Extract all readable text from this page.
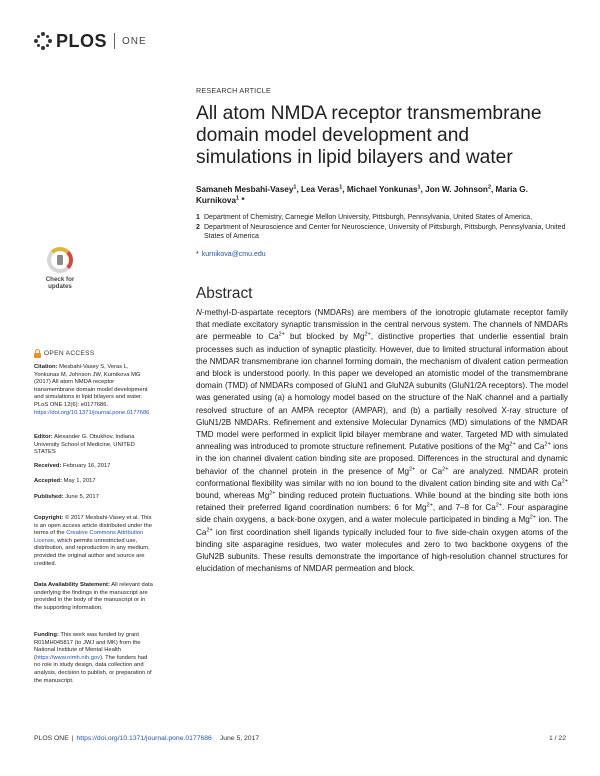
PLOS ONE
Check for
updates
OPEN ACCESS
Citation: Mesbahi-Vasey S, Veras L, Yonkunas M, Johnson JW, Kurnikova MG (2017) All atom NMDA receptor transmembrane domain model development and simulations in lipid bilayers and water. PLoS ONE 12(6): e0177686. https://doi.org/10.1371/journal.pone.0177686
Editor: Alexander G. Obukhov, Indiana University School of Medicine, UNITED STATES
Received: February 16, 2017
Accepted: May 1, 2017
Published: June 5, 2017
Copyright: © 2017 Mesbahi-Vasey et al. This is an open access article distributed under the terms of the Creative Commons Attribution License, which permits unrestricted use, distribution, and reproduction in any medium, provided the original author and source are credited.
Data Availability Statement: All relevant data underlying the findings in the manuscript are provided in the body of the manuscript or in the supporting information.
Funding: This work was funded by grant R01MH045817 (to JWJ and MK) from the National Institute of Mental Health (https://www.nimh.nih.gov). The funders had no role in study design, data collection and analysis, decision to publish, or preparation of the manuscript.
RESEARCH ARTICLE
All atom NMDA receptor transmembrane domain model development and simulations in lipid bilayers and water
Samaneh Mesbahi-Vasey$^1$, Lea Veras$^1$, Michael Yonkunas$^1$, Jon W. Johnson$^2$, Maria G. Kurnikova$^1$ *
1 Department of Chemistry, Carnegie Mellon University, Pittsburgh, Pennsylvania, United States of America,
2 Department of Neuroscience and Center for Neuroscience, University of Pittsburgh, Pittsburgh, Pennsylvania, United States of America
* kurnikova@cmu.edu
Abstract
N-methyl-D-aspartate receptors (NMDARs) are members of the ionotropic glutamate receptor family that mediate excitatory synaptic transmission in the central nervous system. The channels of NMDARs are permeable to $Ca^{2+}$ but blocked by $Mg^{2+}$, distinctive properties that underlie essential brain processes such as induction of synaptic plasticity. However, due to limited structural information about the NMDAR transmembrane ion channel forming domain, the mechanism of divalent cation permeation and block is understood poorly. In this paper we developed an atomistic model of the transmembrane domain (TMD) of NMDARs composed of GluN1 and GluN2A subunits (GluN1/2A receptors). The model was generated using (a) a homology model based on the structure of the NaK channel and a partially resolved structure of an AMPA receptor (AMPAR), and (b) a partially resolved X-ray structure of GluN1/2B NMDARs. Refinement and extensive Molecular Dynamics (MD) simulations of the NMDAR TMD model were performed in explicit lipid bilayer membrane and water. Targeted MD with simulated annealing was introduced to promote structure refinement. Putative positions of the $Mg^{2+}$ and $Ca^{2+}$ ions in the ion channel divalent cation binding site are proposed. Differences in the structural and dynamic behavior of the channel protein in the presence of $Mg^{2+}$ or $Ca^{2+}$ are analyzed. NMDAR protein conformational flexibility was similar with no ion bound to the divalent cation binding site and with $Ca^{2+}$ bound, whereas $Mg^{2+}$ binding reduced protein fluctuations. While bound at the binding site both ions retained their preferred ligand coordination numbers: 6 for $Mg^{2+}$, and 7–8 for $Ca^{2+}$. Four asparagine side chain oxygens, a back-bone oxygen, and a water molecule participated in binding a $Mg^{2+}$ ion. The $Ca^{2+}$ ion first coordination shell ligands typically included four to five side-chain oxygen atoms of the binding site asparagine residues, two water molecules and zero to two backbone oxygens of the GluN2B subunits. These results demonstrate the importance of high-resolution channel structures for elucidation of mechanisms of NMDAR permeation and block.
PLOS ONE | https://doi.org/10.1371/journal.pone.0177686 June 5, 2017	1 / 22
